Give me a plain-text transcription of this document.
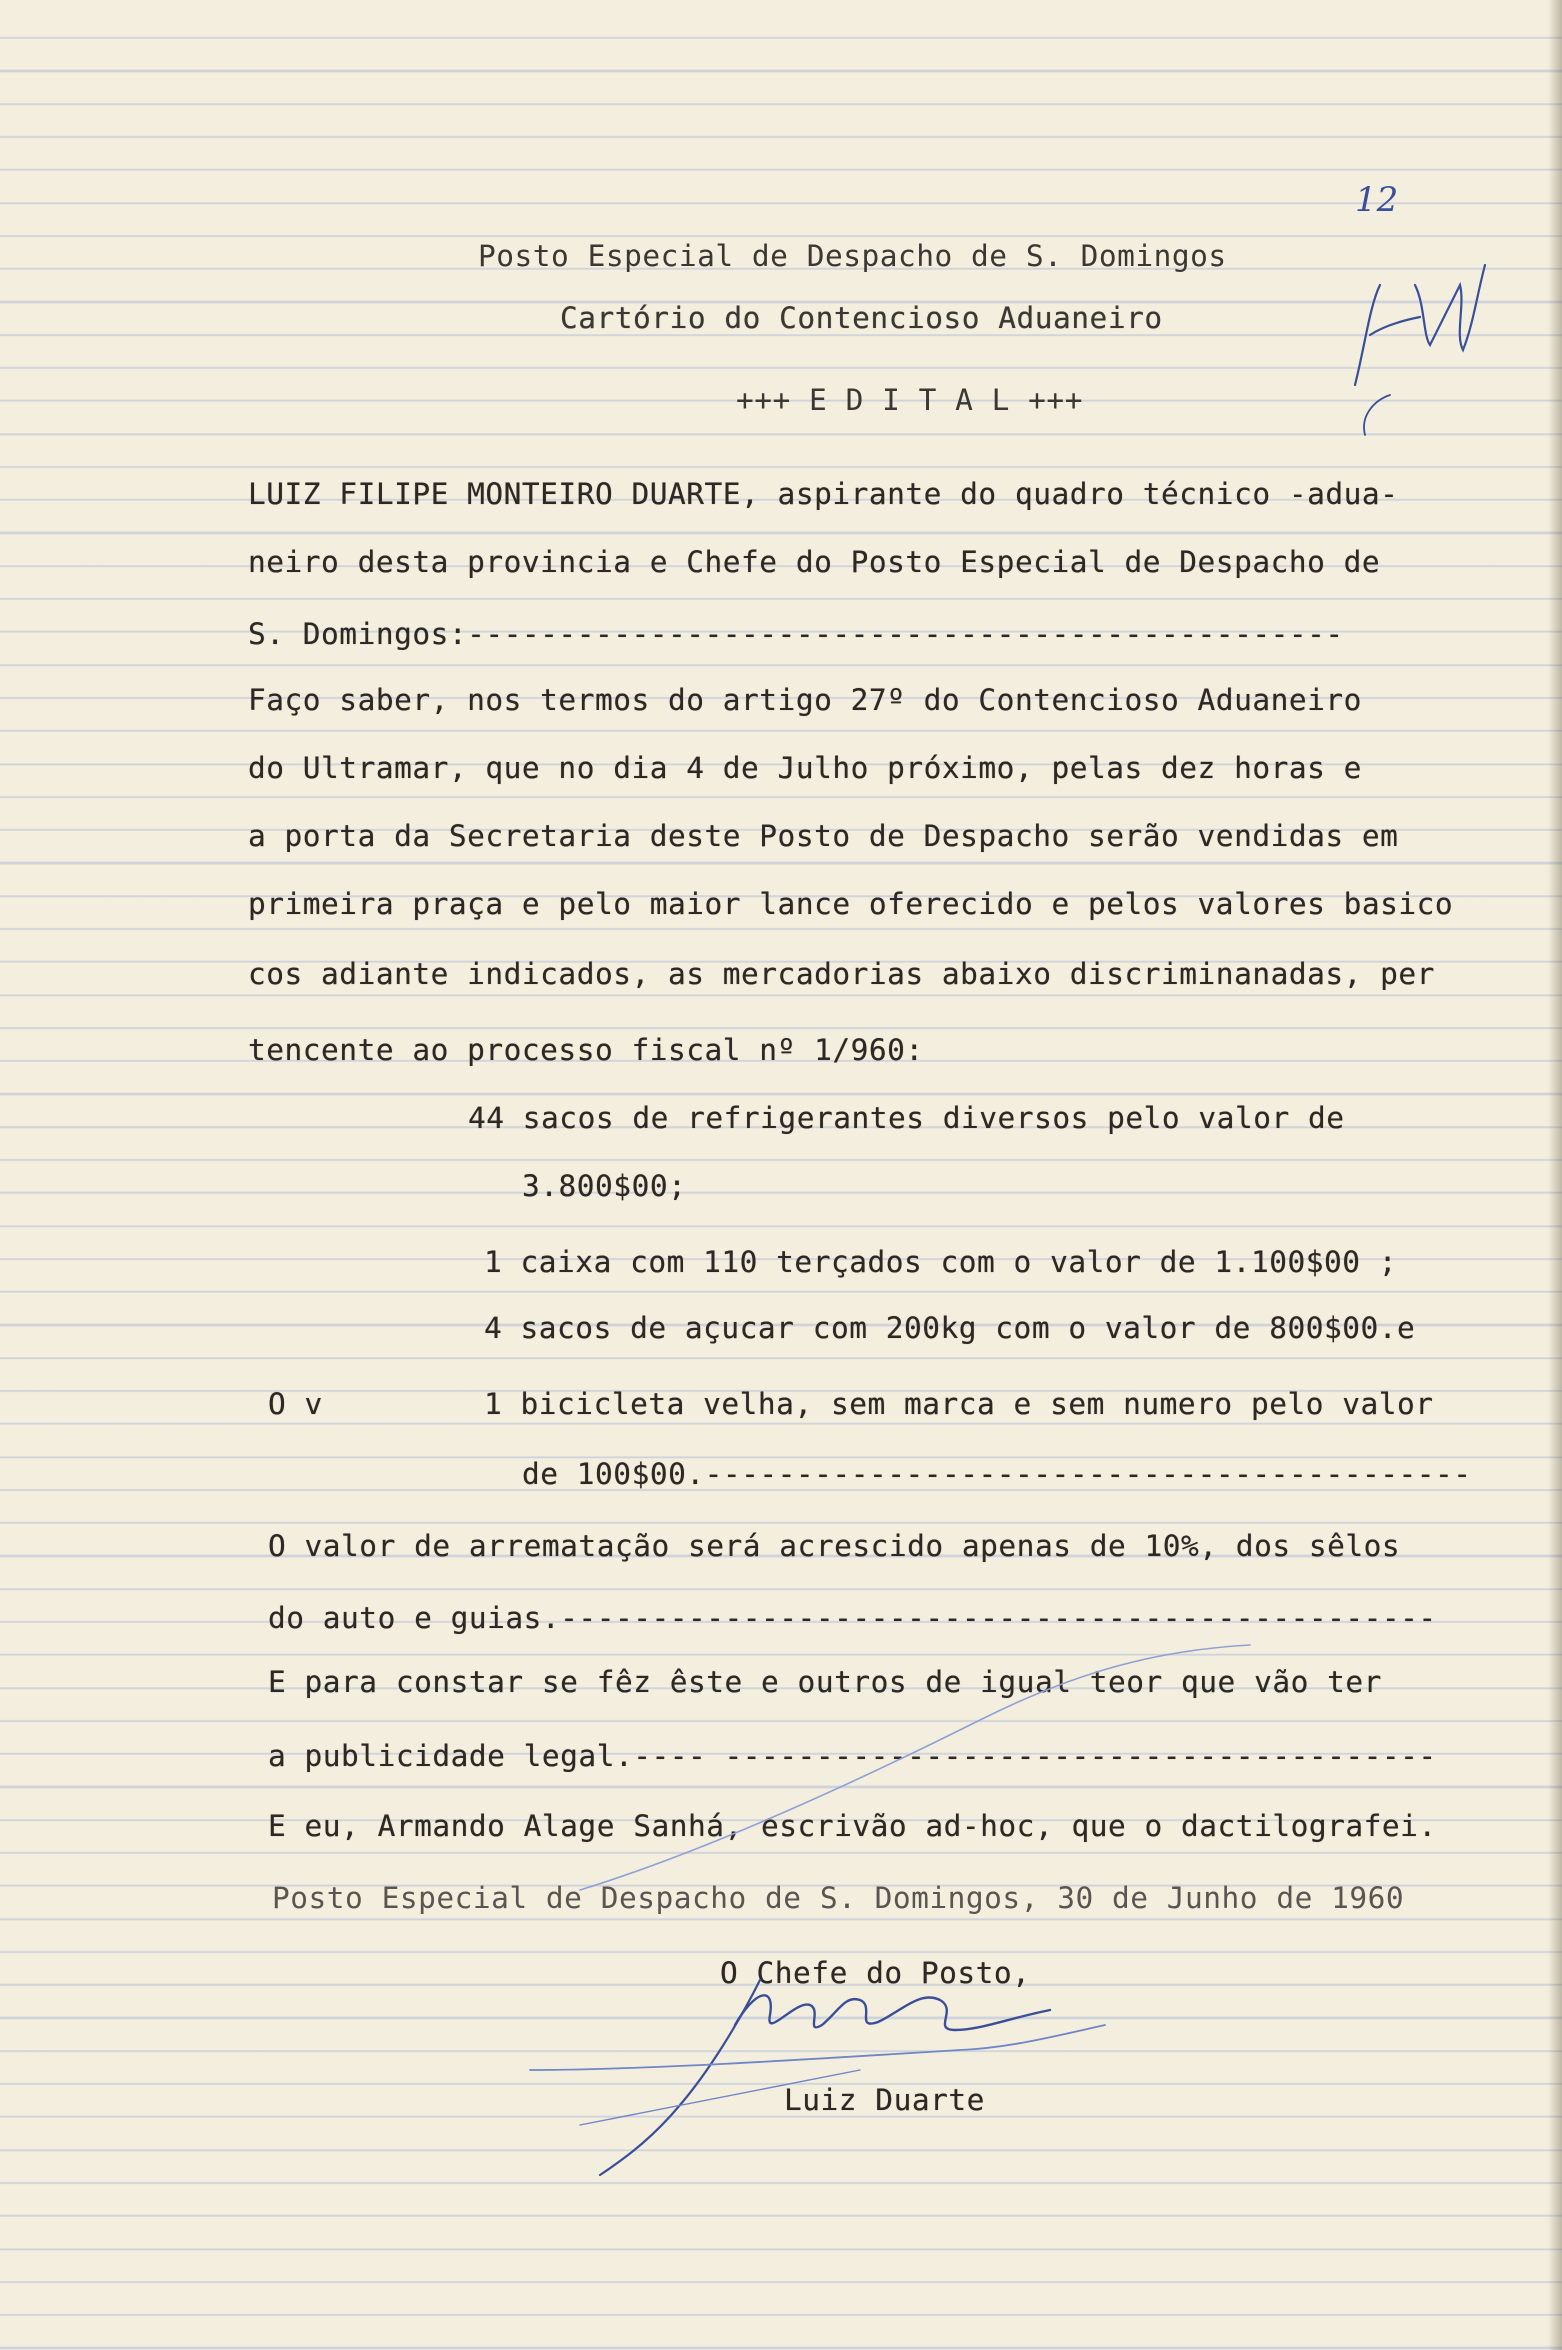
12
Posto Especial de Despacho de S. Domingos
Cartório do Contencioso Aduaneiro
+++ E D I T A L +++
LUIZ FILIPE MONTEIRO DUARTE, aspirante do quadro técnico -adua-
neiro desta provincia e Chefe do Posto Especial de Despacho de
S. Domingos:------------------------------------------------
Faço saber, nos termos do artigo 27º do Contencioso Aduaneiro
do Ultramar, que no dia 4 de Julho próximo, pelas dez horas e
a porta da Secretaria deste Posto de Despacho serão vendidas em
primeira praça e pelo maior lance oferecido e pelos valores basico
cos adiante indicados, as mercadorias abaixo discriminanadas, per
tencente ao processo fiscal nº 1/960:
44 sacos de refrigerantes diversos pelo valor de
3.800$00;
1 caixa com 110 terçados com o valor de 1.100$00 ;
4 sacos de açucar com 200kg com o valor de 800$00.e
O v	1 bicicleta velha, sem marca e sem numero pelo valor
de 100$00.------------------------------------------
O valor de arrematação será acrescido apenas de 10%, dos sêlos
do auto e guias.------------------------------------------------
E para constar se fêz êste e outros de igual teor que vão ter
a publicidade legal.---- ---------------------------------------
E eu, Armando Alage Sanhá, escrivão ad-hoc, que o dactilografei.
Posto Especial de Despacho de S. Domingos, 30 de Junho de 1960
O Chefe do Posto,
Luiz Duarte
